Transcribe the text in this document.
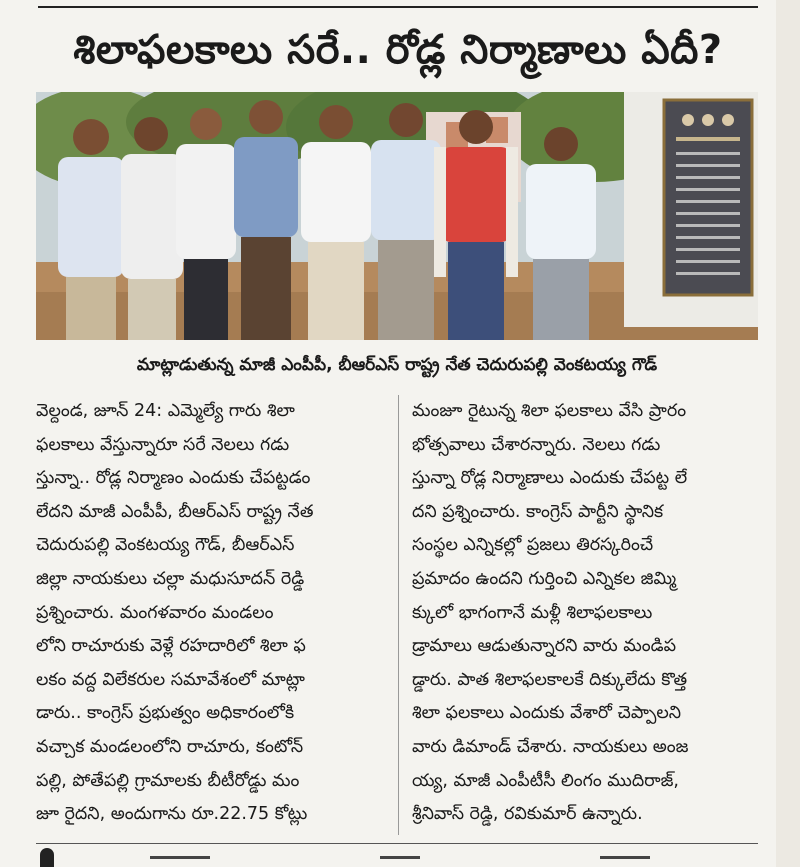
శిలాఫలకాలు సరే.. రోడ్ల నిర్మాణాలు ఏదీ?

మాట్లాడుతున్న మాజీ ఎంపీపీ, బీఆర్ఎస్ రాష్ట్ర నేత చెదురుపల్లి వెంకటయ్య గౌడ్

వెల్దండ, జూన్ 24: ఎమ్మెల్యే గారు శిలా

ఫలకాలు వేస్తున్నారూ సరే నెలలు గడు

స్తున్నా.. రోడ్ల నిర్మాణం ఎందుకు చేపట్టడం

లేదని మాజీ ఎంపీపీ, బీఆర్ఎస్ రాష్ట్ర నేత

చెదురుపల్లి వెంకటయ్య గౌడ్, బీఆర్ఎస్

జిల్లా నాయకులు చల్లా మధుసూదన్ రెడ్డి

ప్రశ్నించారు. మంగళవారం మండలం

లోని రాచూరుకు వెళ్లే రహదారిలో శిలా ఫ

లకం వద్ద విలేకరుల సమావేశంలో మాట్లా

డారు.. కాంగ్రెస్ ప్రభుత్వం అధికారంలోకి

వచ్చాక మండలంలోని రాచూరు, కంటోన్

పల్లి, పోతేపల్లి గ్రామాలకు బీటీరోడ్డు మం

జూ రైదని, అందుగాను రూ.22.75 కోట్లు

మంజూ రైటున్న శిలా ఫలకాలు వేసి ప్రారం

భోత్సవాలు చేశారన్నారు. నెలలు గడు

స్తున్నా రోడ్ల నిర్మాణాలు ఎందుకు చేపట్ట లే

దని ప్రశ్నించారు. కాంగ్రెస్ పార్టీని స్థానిక

సంస్థల ఎన్నికల్లో ప్రజలు తిరస్కరించే

ప్రమాదం ఉందని గుర్తించి ఎన్నికల జిమ్మి

క్కులో భాగంగానే మళ్లీ శిలాఫలకాలు

డ్రామాలు ఆడుతున్నారని వారు మండిప

డ్డారు. పాత శిలాఫలకాలకే దిక్కులేదు కొత్త

శిలా ఫలకాలు ఎందుకు వేశారో చెప్పాలని

వారు డిమాండ్ చేశారు. నాయకులు అంజ

య్య, మాజీ ఎంపీటీసీ లింగం ముదిరాజ్,

శ్రీనివాస్ రెడ్డి, రవికుమార్ ఉన్నారు.
